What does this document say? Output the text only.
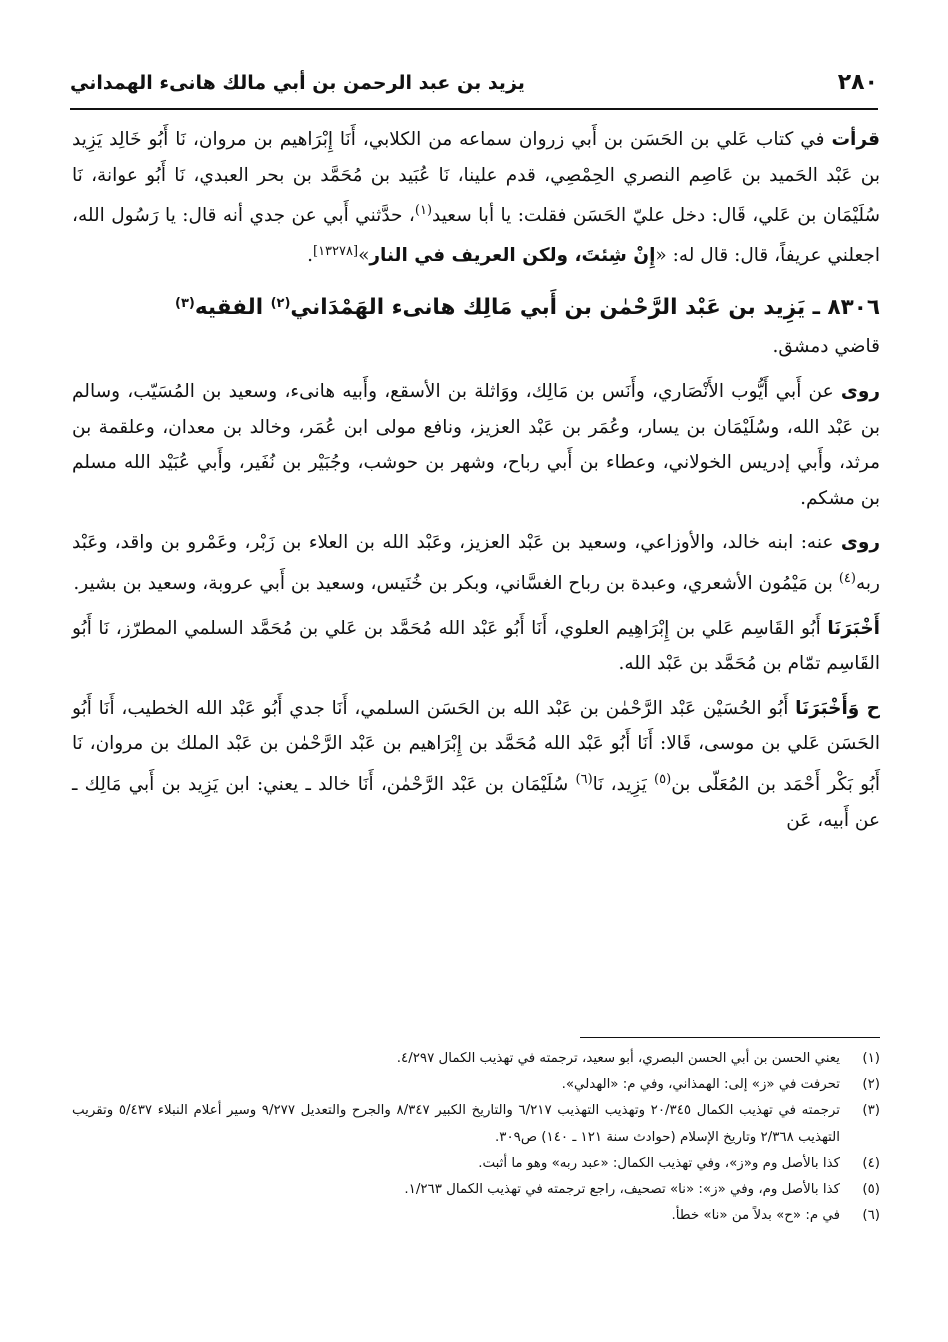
٢٨٠
يزيد بن عبد الرحمن بن أبي مالك هانىء الهمداني

قرأت في كتاب عَلي بن الحَسَن بن أَبي زروان سماعه من الكلابي، أَنَا إِبْرَاهيم بن مروان، نَا أَبُو خَالِد يَزِيد بن عَبْد الحَميد بن عَاصِم النصري الحِمْصِي، قدم علينا، نَا عُبَيد بن مُحَمَّد بن بحر العبدي، نَا أَبُو عوانة، نَا سُلَيْمَان بن عَلي، قَال: دخل عليّ الحَسَن فقلت: يا أبا سعيد$^{(١)}$، حدَّثني أَبي عن جدي أنه قال: يا رَسُول الله، اجعلني عريفاً، قال: قال له: «إِنْ شِئتَ، ولكن العريف في النار»[١٣٢٧٨].

٨٣٠٦ ـ يَزِيد بن عَبْد الرَّحْمٰن بن أَبي مَالِك هانىء الهَمْدَاني$^{(٢)}$ الفقيه$^{(٣)}$

قاضي دمشق.

روى عن أَبي أَيُّوب الأَنْصَاري، وأَنَس بن مَالِك، ووَاثلة بن الأسقع، وأَبيه هانىء، وسعيد بن المُسَيّب، وسالم بن عَبْد الله، وسُلَيْمَان بن يسار، وعُمَر بن عَبْد العزيز، ونافع مولى ابن عُمَر، وخالد بن معدان، وعلقمة بن مرثد، وأَبي إدريس الخولاني، وعطاء بن أَبي رباح، وشهر بن حوشب، وجُبَيْر بن نُفَير، وأَبي عُبَيْد الله مسلم بن مشكم.

روى عنه: ابنه خالد، والأوزاعي، وسعيد بن عَبْد العزيز، وعَبْد الله بن العلاء بن زَبْر، وعَمْرو بن واقد، وعَبْد ربه$^{(٤)}$ بن مَيْمُون الأشعري، وعبدة بن رباح الغسَّاني، وبكر بن خُنَيس، وسعيد بن أَبي عروبة، وسعيد بن بشير.

أَخْبَرَنَا أَبُو القَاسِم عَلي بن إِبْرَاهِيم العلوي، أَنَا أَبُو عَبْد الله مُحَمَّد بن عَلي بن مُحَمَّد السلمي المطرّز، نَا أَبُو القَاسِم تمّام بن مُحَمَّد بن عَبْد الله.

ح وَأَخْبَرَنَا أَبُو الحُسَيْن عَبْد الرَّحْمٰن بن عَبْد الله بن الحَسَن السلمي، أَنَا جدي أَبُو عَبْد الله الخطيب، أَنَا أَبُو الحَسَن عَلي بن موسى، قَالا: أَنَا أَبُو عَبْد الله مُحَمَّد بن إِبْرَاهيم بن عَبْد الرَّحْمٰن بن عَبْد الملك بن مروان، نَا أَبُو بَكْر أَحْمَد بن المُعَلّى بن$^{(٥)}$ يَزِيد، نَا$^{(٦)}$ سُلَيْمَان بن عَبْد الرَّحْمٰن، أَنَا خالد ـ يعني: ابن يَزِيد بن أَبي مَالِك ـ عن أَبيه، عَن

(١)
يعني الحسن بن أبي الحسن البصري، أبو سعيد، ترجمته في تهذيب الكمال ٤/٢٩٧.
(٢)
تحرفت في «ز» إلى: الهمذاني، وفي م: «الهدلي».
(٣)
ترجمته في تهذيب الكمال ٢٠/٣٤٥ وتهذيب التهذيب ٦/٢١٧ والتاريخ الكبير ٨/٣٤٧ والجرح والتعديل ٩/٢٧٧ وسير أعلام النبلاء ٥/٤٣٧ وتقريب التهذيب ٢/٣٦٨ وتاريخ الإسلام (حوادث سنة ١٢١ ـ ١٤٠) ص٣٠٩.
(٤)
كذا بالأصل وم و«ز»، وفي تهذيب الكمال: «عبد ربه» وهو ما أثبت.
(٥)
كذا بالأصل وم، وفي «ز»: «نا» تصحيف، راجع ترجمته في تهذيب الكمال ١/٢٦٣.
(٦)
في م: «ح» بدلاً من «نا» خطأ.
